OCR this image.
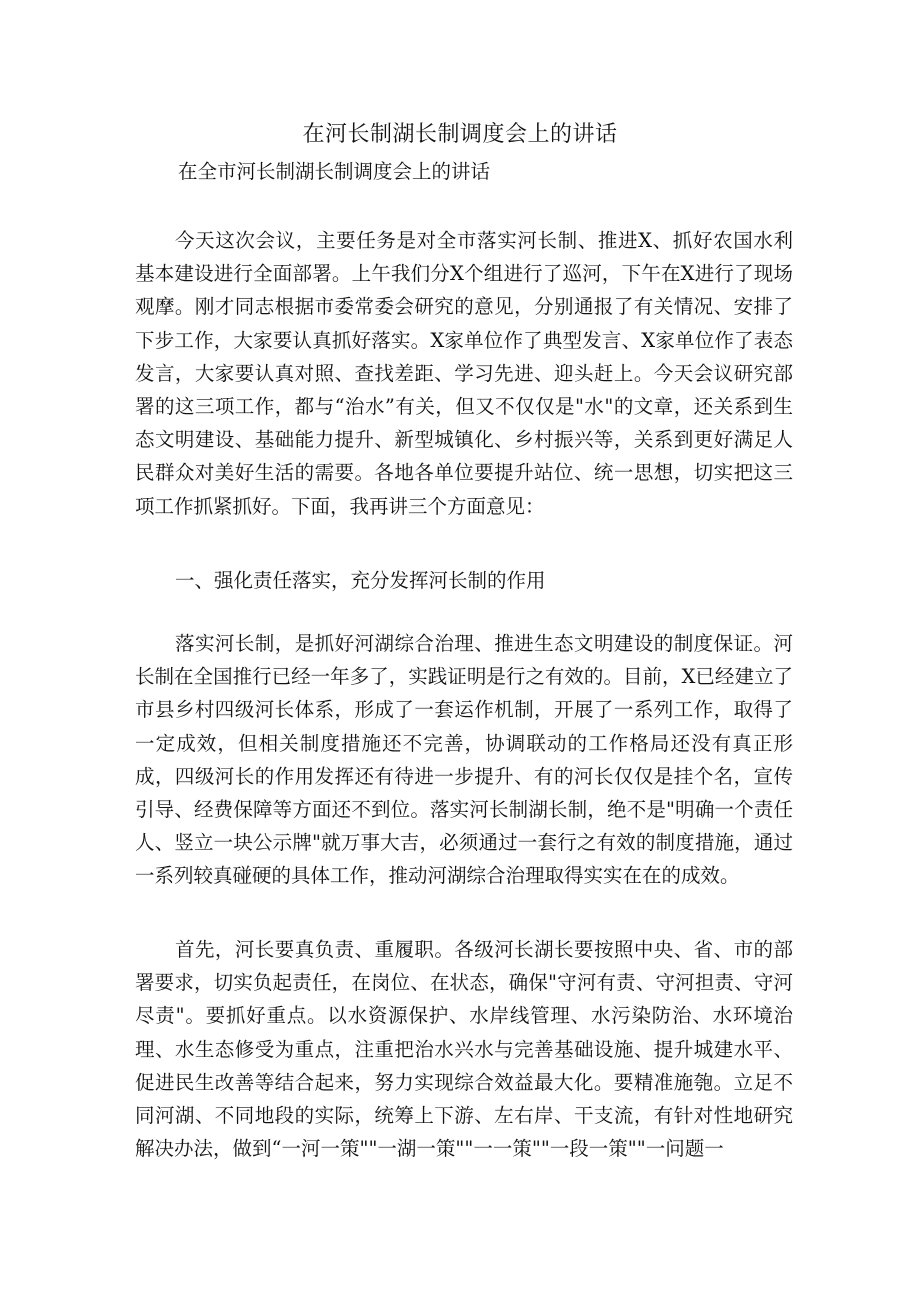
在河长制湖长制调度会上的讲话

在全市河长制湖长制调度会上的讲话

今天这次会议，主要任务是对全市落实河长制、推进X、抓好农国水利基本建设进行全面部署。上午我们分X个组进行了巡河，下午在X进行了现场观摩。刚才同志根据市委常委会研究的意见，分别通报了有关情况、安排了下步工作，大家要认真抓好落实。X家单位作了典型发言、X家单位作了表态发言，大家要认真对照、查找差距、学习先进、迎头赶上。今天会议研究部署的这三项工作，都与“治水”有关，但又不仅仅是"水"的文章，还关系到生态文明建设、基础能力提升、新型城镇化、乡村振兴等，关系到更好满足人民群众对美好生活的需要。各地各单位要提升站位、统一思想，切实把这三项工作抓紧抓好。下面，我再讲三个方面意见：

一、强化责任落实，充分发挥河长制的作用

落实河长制，是抓好河湖综合治理、推进生态文明建设的制度保证。河长制在全国推行已经一年多了，实践证明是行之有效的。目前，X已经建立了市县乡村四级河长体系，形成了一套运作机制，开展了一系列工作，取得了一定成效，但相关制度措施还不完善，协调联动的工作格局还没有真正形成，四级河长的作用发挥还有待进一步提升、有的河长仅仅是挂个名，宣传引导、经费保障等方面还不到位。落实河长制湖长制，绝不是"明确一个责任人、竖立一块公示牌"就万事大吉，必须通过一套行之有效的制度措施，通过一系列较真碰硬的具体工作，推动河湖综合治理取得实实在在的成效。

首先，河长要真负责、重履职。各级河长湖长要按照中央、省、市的部署要求，切实负起责任，在岗位、在状态，确保"守河有责、守河担责、守河尽责"。要抓好重点。以水资源保护、水岸线管理、水污染防治、水环境治理、水生态修受为重点，注重把治水兴水与完善基础设施、提升城建水平、促进民生改善等结合起来，努力实现综合效益最大化。要精准施匏。立足不同河湖、不同地段的实际，统筹上下游、左右岸、干支流，有针对性地研究解决办法，做到“一河一策""一湖一策""一一策""一段一策""一问题一
